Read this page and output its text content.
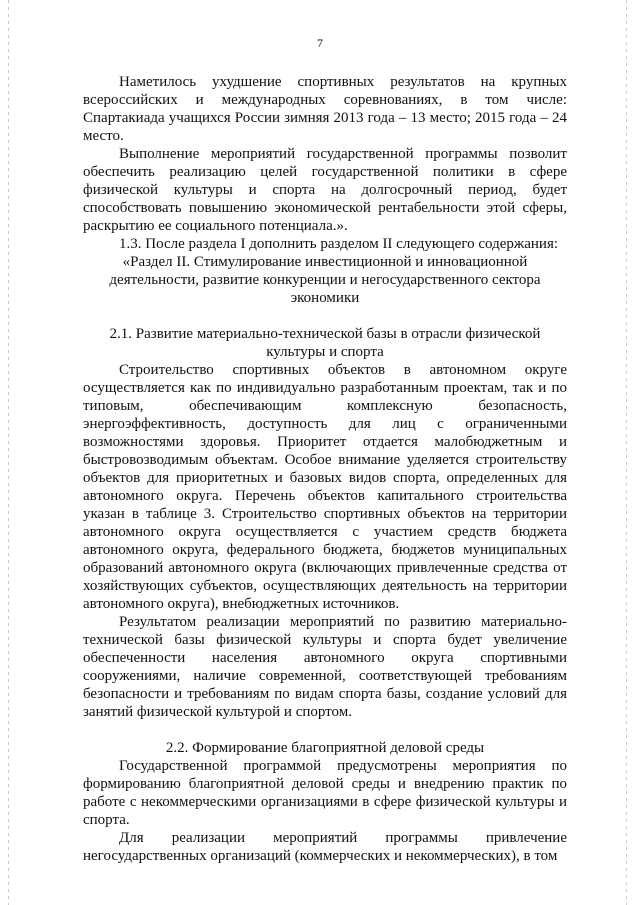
7

Наметилось ухудшение спортивных результатов на крупных всероссийских и международных соревнованиях, в том числе: Спартакиада учащихся России зимняя 2013 года – 13 место; 2015 года – 24 место.

Выполнение мероприятий государственной программы позволит обеспечить реализацию целей государственной политики в сфере физической культуры и спорта на долгосрочный период, будет способствовать повышению экономической рентабельности этой сферы, раскрытию ее социального потенциала.».

1.3. После раздела I дополнить разделом II следующего содержания:

«Раздел II. Стимулирование инвестиционной и инновационной деятельности, развитие конкуренции и негосударственного сектора экономики

2.1. Развитие материально-технической базы в отрасли физической культуры и спорта

Строительство спортивных объектов в автономном округе осуществляется как по индивидуально разработанным проектам, так и по типовым, обеспечивающим комплексную безопасность, энергоэффективность, доступность для лиц с ограниченными возможностями здоровья. Приоритет отдается малобюджетным и быстровозводимым объектам. Особое внимание уделяется строительству объектов для приоритетных и базовых видов спорта, определенных для автономного округа. Перечень объектов капитального строительства указан в таблице 3. Строительство спортивных объектов на территории автономного округа осуществляется с участием средств бюджета автономного округа, федерального бюджета, бюджетов муниципальных образований автономного округа (включающих привлеченные средства от хозяйствующих субъектов, осуществляющих деятельность на территории автономного округа), внебюджетных источников.

Результатом реализации мероприятий по развитию материально-технической базы физической культуры и спорта будет увеличение обеспеченности населения автономного округа спортивными сооружениями, наличие современной, соответствующей требованиям безопасности и требованиям по видам спорта базы, создание условий для занятий физической культурой и спортом.

2.2. Формирование благоприятной деловой среды

Государственной программой предусмотрены мероприятия по формированию благоприятной деловой среды и внедрению практик по работе с некоммерческими организациями в сфере физической культуры и спорта.

Для реализации мероприятий программы привлечение негосударственных организаций (коммерческих и некоммерческих), в том
